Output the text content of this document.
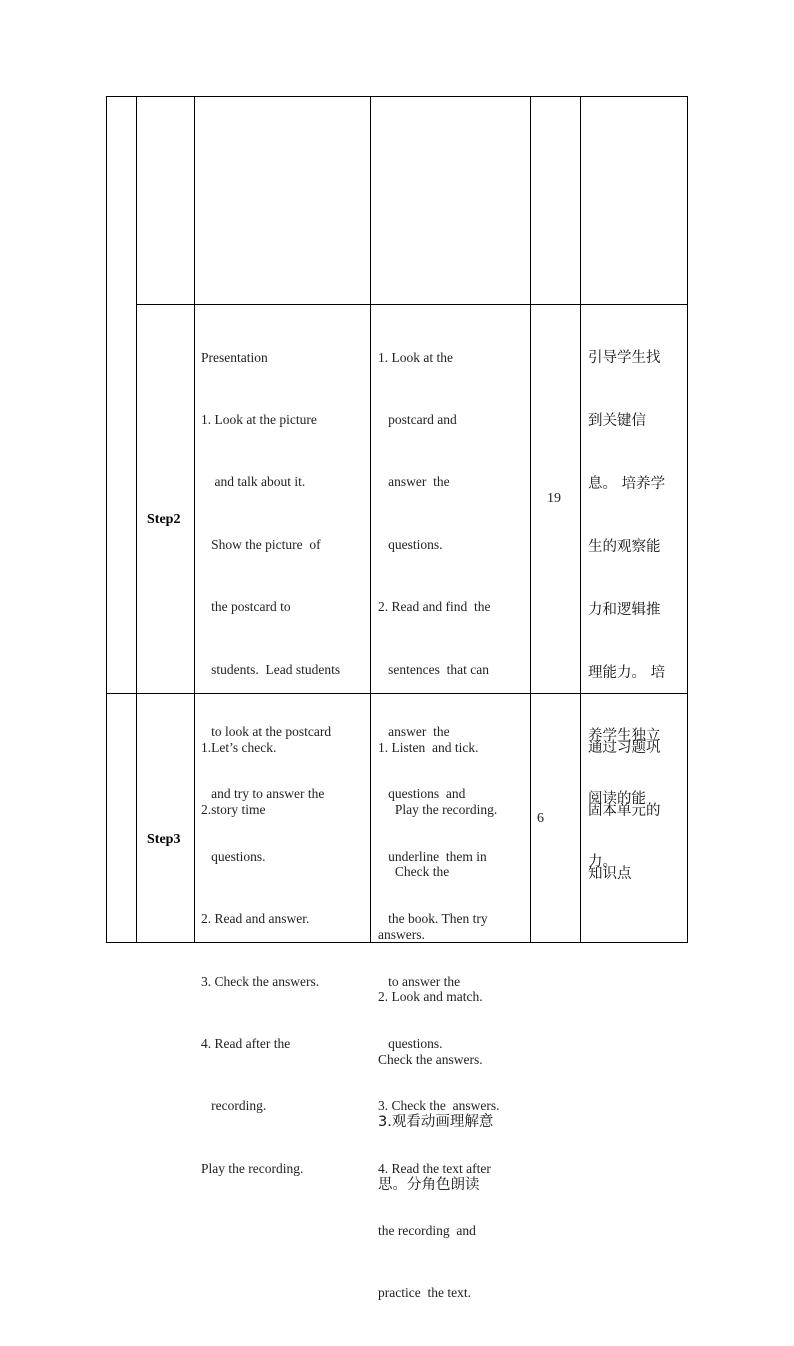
Step2

Presentation

1. Look at the picture

and talk about it.

Show the picture  of

the postcard to

students.  Lead students

to look at the postcard

and try to answer the

questions.

2. Read and answer.

3. Check the answers.

4. Read after the

recording.

Play the recording.

1. Look at the

postcard and

answer  the

questions.

2. Read and find  the

sentences  that can

answer  the

questions  and

underline  them in

the book. Then try

to answer the

questions.

3. Check the  answers.

4. Read the text after

the recording  and

practice  the text.

19

引导学生找

到关键信

息。 培养学

生的观察能

力和逻辑推

理能力。 培

养学生独立

阅读的能

力。

Step3

1.Let’s check.

2.story time

1. Listen  and tick.

Play the recording.

Check the

answers.

2. Look and match.

Check the answers.

3.观看动画理解意

思。分角色朗读

6

通过习题巩

固本单元的

知识点
